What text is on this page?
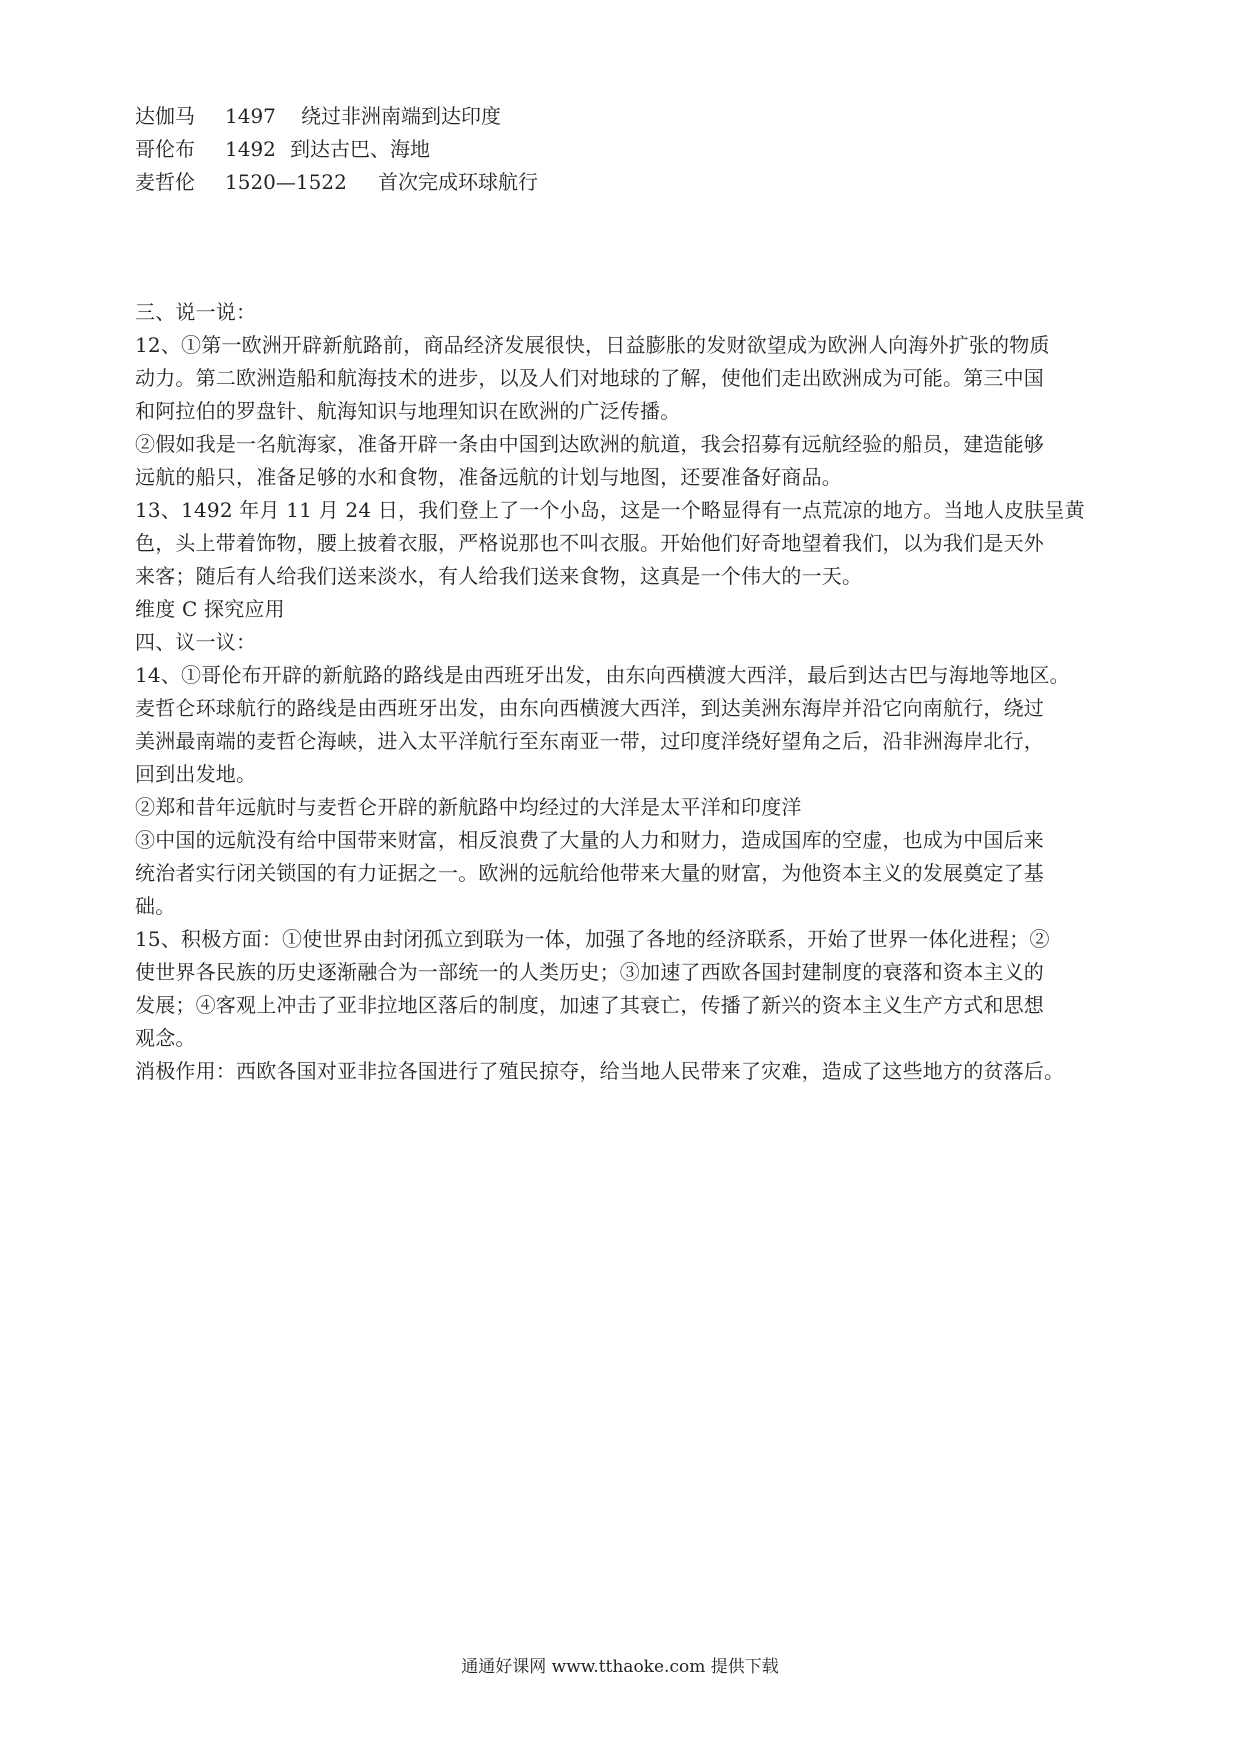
达伽马 1497 绕过非洲南端到达印度
哥伦布 1492 到达古巴、海地
麦哲伦 1520—1522 首次完成环球航行
三、说一说：
12、①第一欧洲开辟新航路前，商品经济发展很快，日益膨胀的发财欲望成为欧洲人向海外扩张的物质
动力。第二欧洲造船和航海技术的进步，以及人们对地球的了解，使他们走出欧洲成为可能。第三中国
和阿拉伯的罗盘针、航海知识与地理知识在欧洲的广泛传播。
②假如我是一名航海家，准备开辟一条由中国到达欧洲的航道，我会招募有远航经验的船员，建造能够
远航的船只，准备足够的水和食物，准备远航的计划与地图，还要准备好商品。
13、1492 年月 11 月 24 日，我们登上了一个小岛，这是一个略显得有一点荒凉的地方。当地人皮肤呈黄
色，头上带着饰物，腰上披着衣服，严格说那也不叫衣服。开始他们好奇地望着我们，以为我们是天外
来客；随后有人给我们送来淡水，有人给我们送来食物，这真是一个伟大的一天。
维度 C 探究应用
四、议一议：
14、①哥伦布开辟的新航路的路线是由西班牙出发，由东向西横渡大西洋，最后到达古巴与海地等地区。
麦哲仑环球航行的路线是由西班牙出发，由东向西横渡大西洋，到达美洲东海岸并沿它向南航行，绕过
美洲最南端的麦哲仑海峡，进入太平洋航行至东南亚一带，过印度洋绕好望角之后，沿非洲海岸北行，
回到出发地。
②郑和昔年远航时与麦哲仑开辟的新航路中均经过的大洋是太平洋和印度洋
③中国的远航没有给中国带来财富，相反浪费了大量的人力和财力，造成国库的空虚，也成为中国后来
统治者实行闭关锁国的有力证据之一。欧洲的远航给他带来大量的财富，为他资本主义的发展奠定了基
础。
15、积极方面：①使世界由封闭孤立到联为一体，加强了各地的经济联系，开始了世界一体化进程；②
使世界各民族的历史逐渐融合为一部统一的人类历史；③加速了西欧各国封建制度的衰落和资本主义的
发展；④客观上冲击了亚非拉地区落后的制度，加速了其衰亡，传播了新兴的资本主义生产方式和思想
观念。
消极作用：西欧各国对亚非拉各国进行了殖民掠夺，给当地人民带来了灾难，造成了这些地方的贫落后。
通通好课网 www.tthaoke.com 提供下载
